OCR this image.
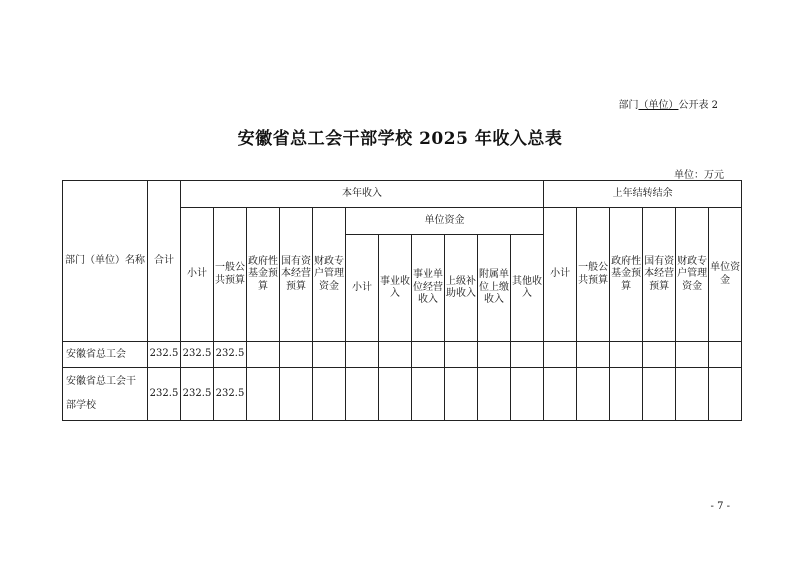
部门（单位）公开表 2
安徽省总工会干部学校 2025 年收入总表
单位：万元
部门（单位）名称	合计	本年收入											上年结转结余					
		小计	一般公共预算	政府性基金预算	国有资本经营预算	财政专户管理资金	单位资金						小计	一般公共预算	政府性基金预算	国有资本经营预算	财政专户管理资金	单位资金
							小计	事业收入	事业单位经营收入	上级补助收入	附属单位上缴收入	其他收入						

安徽省总工会	232.5	232.5	232.5															
安徽省总工会干部学校	232.5	232.5	232.5															
- 7 -
